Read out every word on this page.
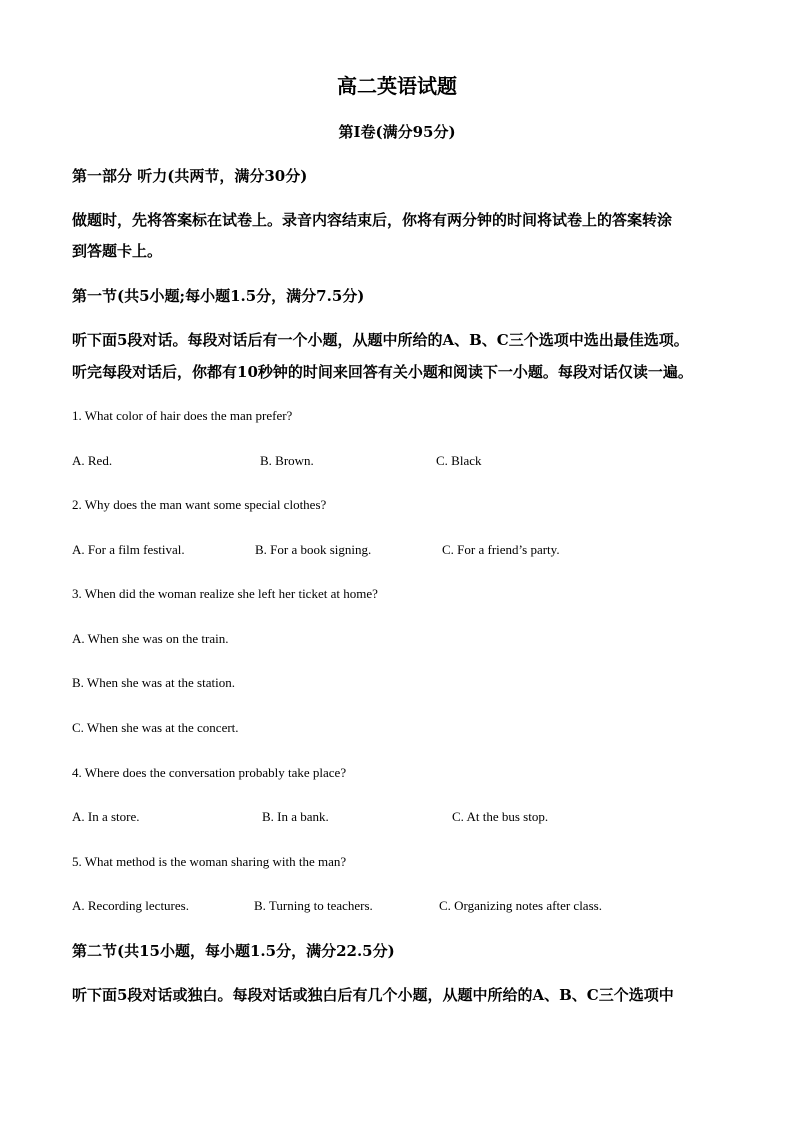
高二英语试题
第I卷(满分95分)
第一部分 听力(共两节，满分30分)
做题时，先将答案标在试卷上。录音内容结束后，你将有两分钟的时间将试卷上的答案转涂
到答题卡上。
第一节(共5小题;每小题1.5分，满分7.5分)
听下面5段对话。每段对话后有一个小题，从题中所给的A、B、C三个选项中选出最佳选项。
听完每段对话后，你都有10秒钟的时间来回答有关小题和阅读下一小题。每段对话仅读一遍。
1. What color of hair does the man prefer?
A. Red.	B. Brown.	C. Black
2. Why does the man want some special clothes?
A. For a film festival.	B. For a book signing.	C. For a friend’s party.
3. When did the woman realize she left her ticket at home?
A. When she was on the train.
B. When she was at the station.
C. When she was at the concert.
4. Where does the conversation probably take place?
A. In a store.	B. In a bank.	C. At the bus stop.
5. What method is the woman sharing with the man?
A. Recording lectures.	B. Turning to teachers.	C. Organizing notes after class.
第二节(共15小题，每小题1.5分，满分22.5分)
听下面5段对话或独白。每段对话或独白后有几个小题，从题中所给的A、B、C三个选项中
